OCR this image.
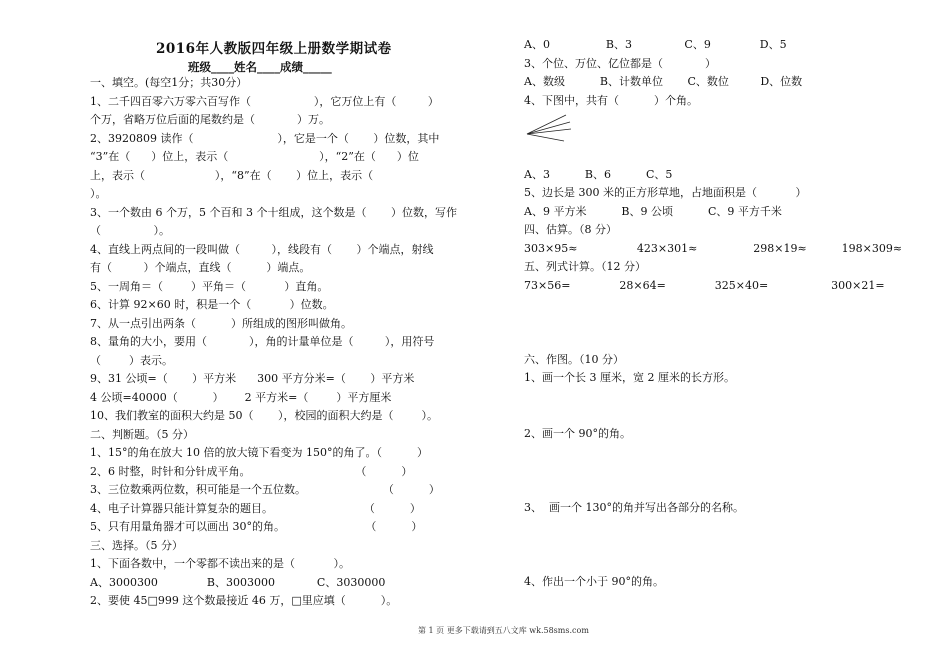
2016年人教版四年级上册数学期试卷
班级____姓名____成绩_____
一、填空。(每空1分；共30分）
1、二千四百零六万零六百写作（                  ），它万位上有（         ）
个万，省略万位后面的尾数约是（            ）万。
2、3920809 读作（                        ），它是一个（       ）位数，其中
“3”在（      ）位上，表示（                          ），“2”在（      ）位
上，表示（                    ），“8”在（       ）位上，表示（
）。
3、一个数由 6 个万，5 个百和 3 个十组成，这个数是（       ）位数，写作
（               ）。
4、直线上两点间的一段叫做（         ），线段有（       ）个端点，射线
有（         ）个端点，直线（          ）端点。
5、一周角＝（        ）平角＝（           ）直角。
6、计算 92×60 时，积是一个（           ）位数。
7、从一点引出两条（          ）所组成的图形叫做角。
8、量角的大小，要用（            ），角的计量单位是（         ），用符号
（        ）表示。
9、31 公顷=（       ）平方米      300 平方分米=（       ）平方米
4 公顷=40000（          ）      2 平方米=（        ）平方厘米
10、我们教室的面积大约是 50（       ），校园的面积大约是（        ）。
二、判断题。（5 分）
1、15°的角在放大 10 倍的放大镜下看变为 150°的角了。（          ）
2、6 时整，时针和分针成平角。                              （          ）
3、三位数乘两位数，积可能是一个五位数。                      （          ）
4、电子计算器只能计算复杂的题目。                          （          ）
5、只有用量角器才可以画出 30°的角。                       （          ）
三、选择。（5 分）
1、下面各数中，一个零都不读出来的是（           ）。
A、3000300              B、3003000            C、3030000
2、要使 45□999 这个数最接近 46 万，□里应填（          ）。
A、0                B、3               C、9              D、5
3、个位、万位、亿位都是（            ）
A、数级          B、计数单位       C、数位         D、位数
4、下图中，共有（          ）个角。
A、3          B、6          C、5
5、边长是 300 米的正方形草地，占地面积是（           ）
A、9 平方米          B、9 公顷          C、9 平方千米
四、估算。（8 分）
303×95≈                 423×301≈                298×19≈          198×309≈
五、列式计算。（12 分）
73×56=              28×64=              325×40=                  300×21=
六、作图。（10 分）
1、画一个长 3 厘米，宽 2 厘米的长方形。
2、画一个 90°的角。
3、  画一个 130°的角并写出各部分的名称。
4、作出一个小于 90°的角。
第 1 页 更多下载请到五八文库 wk.58sms.com
